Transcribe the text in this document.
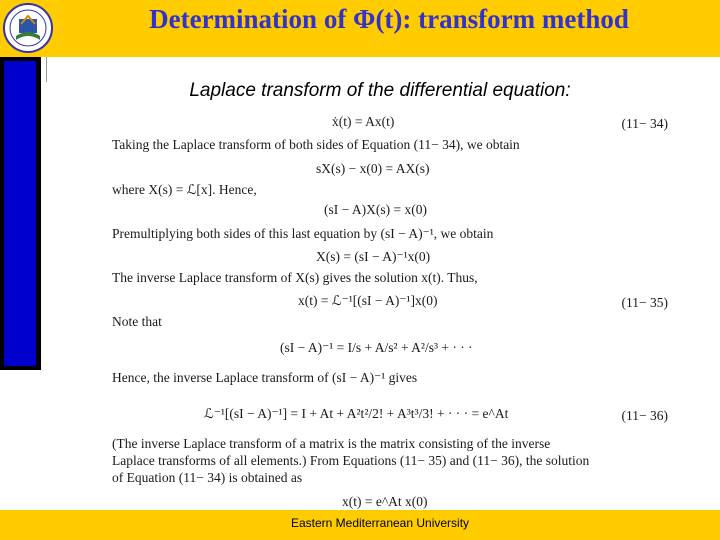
Determination of Φ(t): transform method
Laplace transform of the differential equation:
ẋ(t) = Ax(t)	(11− 34)
Taking the Laplace transform of both sides of Equation (11− 34), we obtain
sX(s) − x(0) = AX(s)
where X(s) = ℒ[x]. Hence,
(sI − A)X(s) = x(0)
Premultiplying both sides of this last equation by (sI − A)⁻¹, we obtain
X(s) = (sI − A)⁻¹x(0)
The inverse Laplace transform of X(s) gives the solution x(t). Thus,
x(t) = ℒ⁻¹[(sI − A)⁻¹]x(0)	(11− 35)
Note that
(sI − A)⁻¹ = I/s + A/s² + A²/s³ + · · ·
Hence, the inverse Laplace transform of (sI − A)⁻¹ gives
ℒ⁻¹[(sI − A)⁻¹] = I + At + A²t²/2! + A³t³/3! + · · · = e^At	(11− 36)
(The inverse Laplace transform of a matrix is the matrix consisting of the inverse
Laplace transforms of all elements.) From Equations (11− 35) and (11− 36), the solution
of Equation (11− 34) is obtained as
x(t) = e^At x(0)
Eastern Mediterranean University
